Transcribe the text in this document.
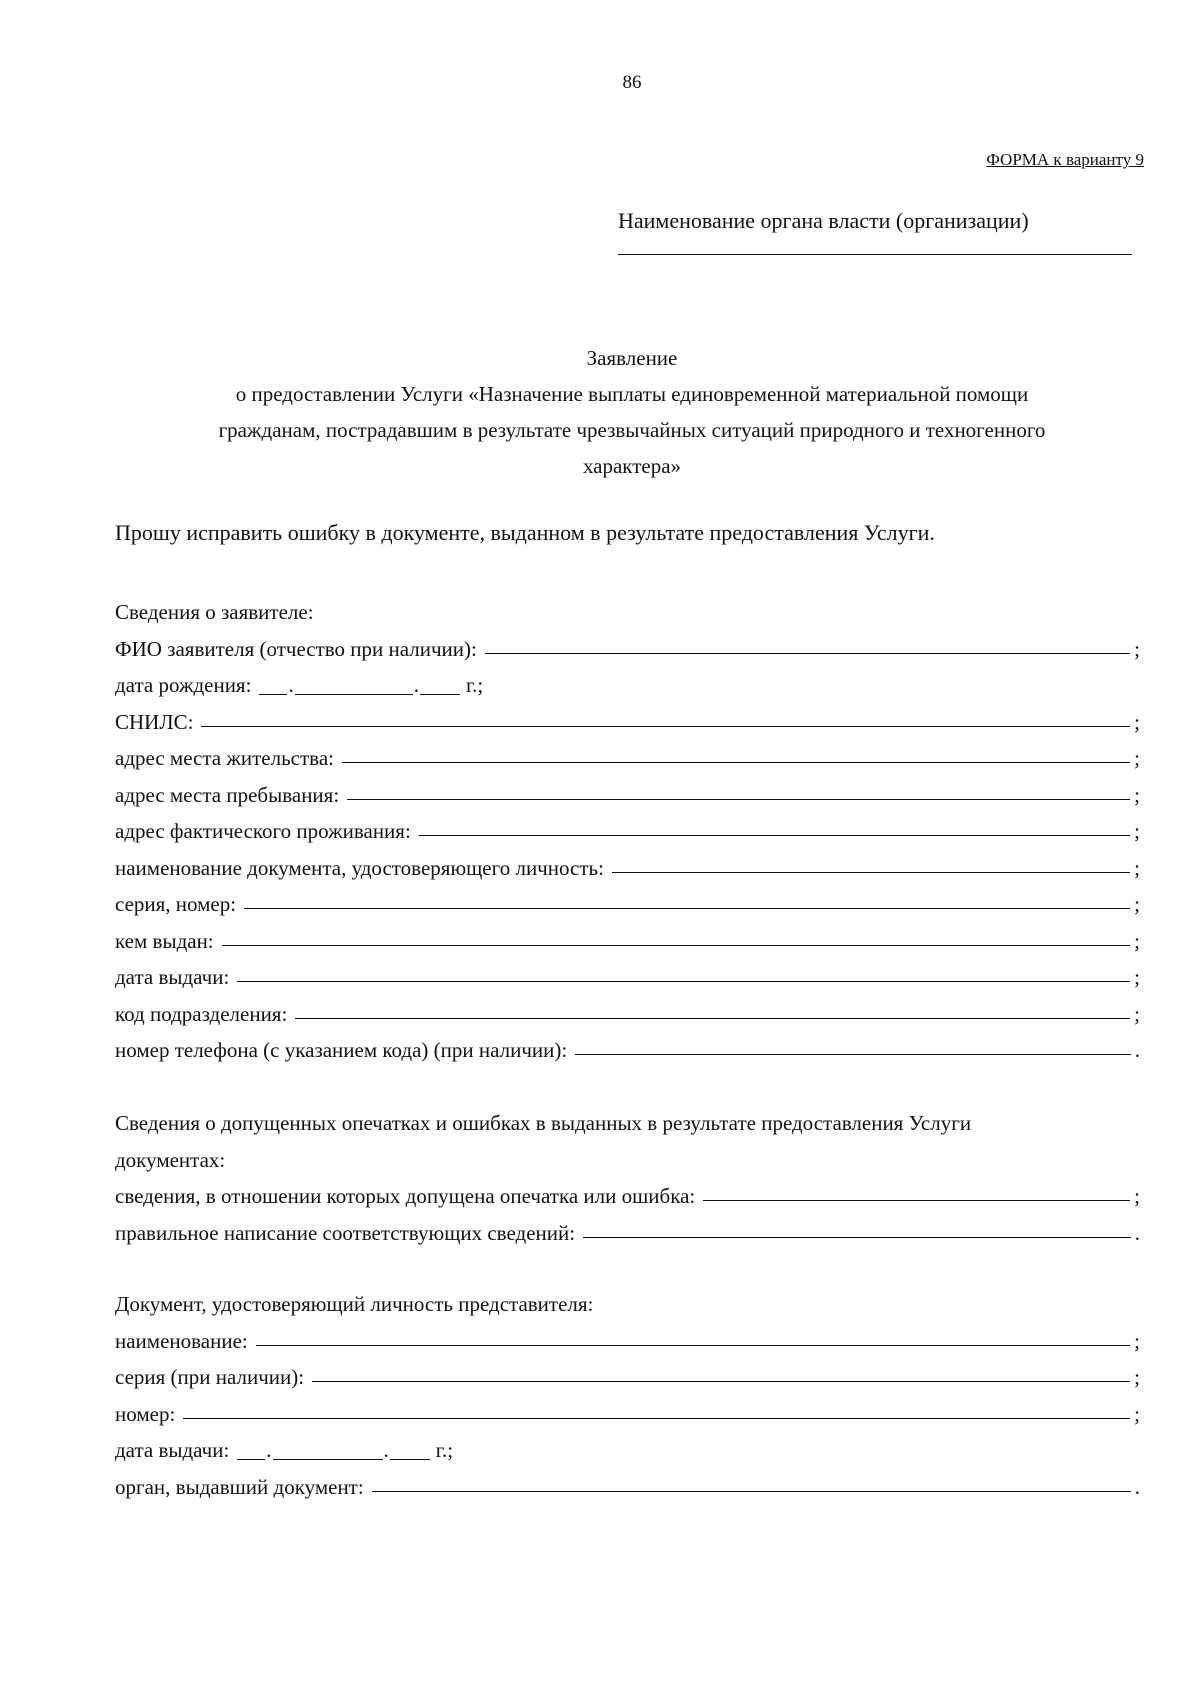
86
ФОРМА к варианту 9
Наименование органа власти (организации)
Заявление
о предоставлении Услуги «Назначение выплаты единовременной материальной помощи
гражданам, пострадавшим в результате чрезвычайных ситуаций природного и техногенного
характера»
Прошу исправить ошибку в документе, выданном в результате предоставления Услуги.
Сведения о заявителе:
ФИО заявителя (отчество при наличии):	;
дата рождения: .	. г.;
СНИЛС:	;
адрес места жительства:	;
адрес места пребывания:	;
адрес фактического проживания:	;
наименование документа, удостоверяющего личность:	;
серия, номер:	;
кем выдан:	;
дата выдачи:	;
код подразделения:	;
номер телефона (с указанием кода) (при наличии):	.
Сведения о допущенных опечатках и ошибках в выданных в результате предоставления Услуги
документах:
сведения, в отношении которых допущена опечатка или ошибка:	;
правильное написание соответствующих сведений:	.
Документ, удостоверяющий личность представителя:
наименование:	;
серия (при наличии):	;
номер:	;
дата выдачи: .	. г.;
орган, выдавший документ:	.
